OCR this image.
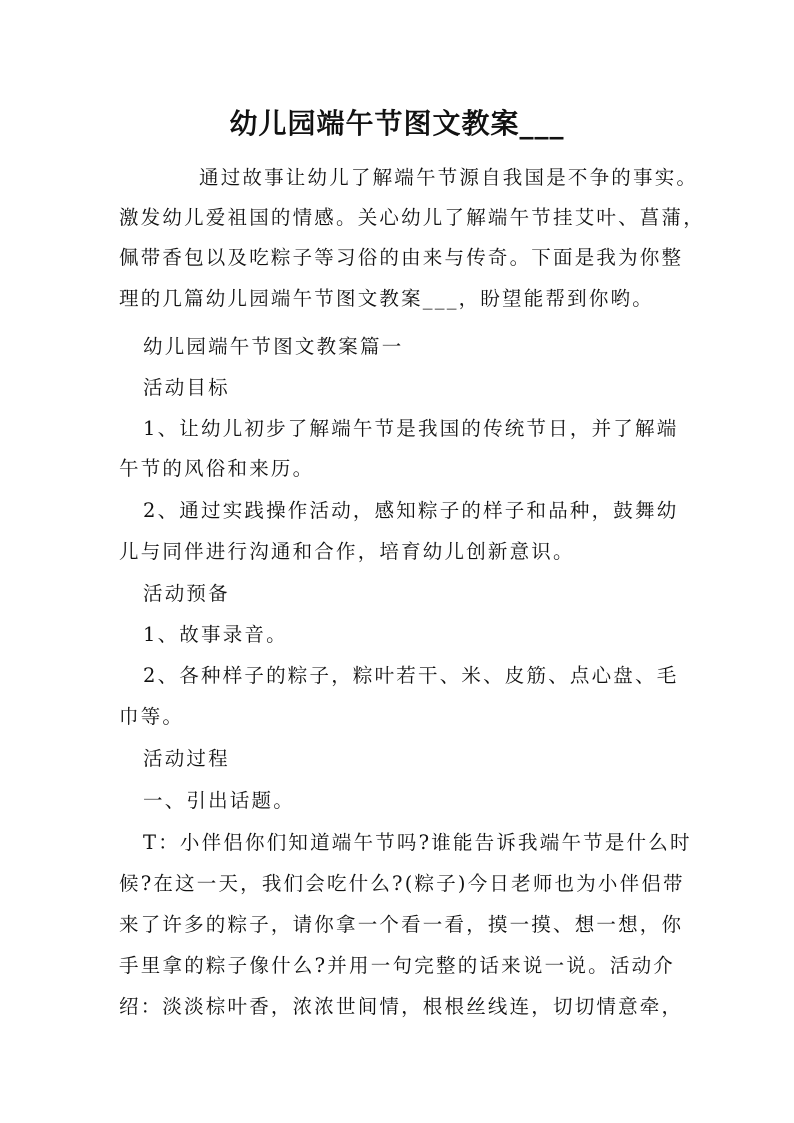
幼儿园端午节图文教案___
通过故事让幼儿了解端午节源自我国是不争的事实。
激发幼儿爱祖国的情感。关心幼儿了解端午节挂艾叶、菖蒲，
佩带香包以及吃粽子等习俗的由来与传奇。下面是我为你整
理的几篇幼儿园端午节图文教案___，盼望能帮到你哟。
幼儿园端午节图文教案篇一
活动目标
1、让幼儿初步了解端午节是我国的传统节日，并了解端
午节的风俗和来历。
2、通过实践操作活动，感知粽子的样子和品种，鼓舞幼
儿与同伴进行沟通和合作，培育幼儿创新意识。
活动预备
1、故事录音。
2、各种样子的粽子，粽叶若干、米、皮筋、点心盘、毛
巾等。
活动过程
一、引出话题。
T：小伴侣你们知道端午节吗?谁能告诉我端午节是什么时
候?在这一天，我们会吃什么?(粽子)今日老师也为小伴侣带
来了许多的粽子，请你拿一个看一看，摸一摸、想一想，你
手里拿的粽子像什么?并用一句完整的话来说一说。活动介
绍：淡淡棕叶香，浓浓世间情，根根丝线连，切切情意牵，
